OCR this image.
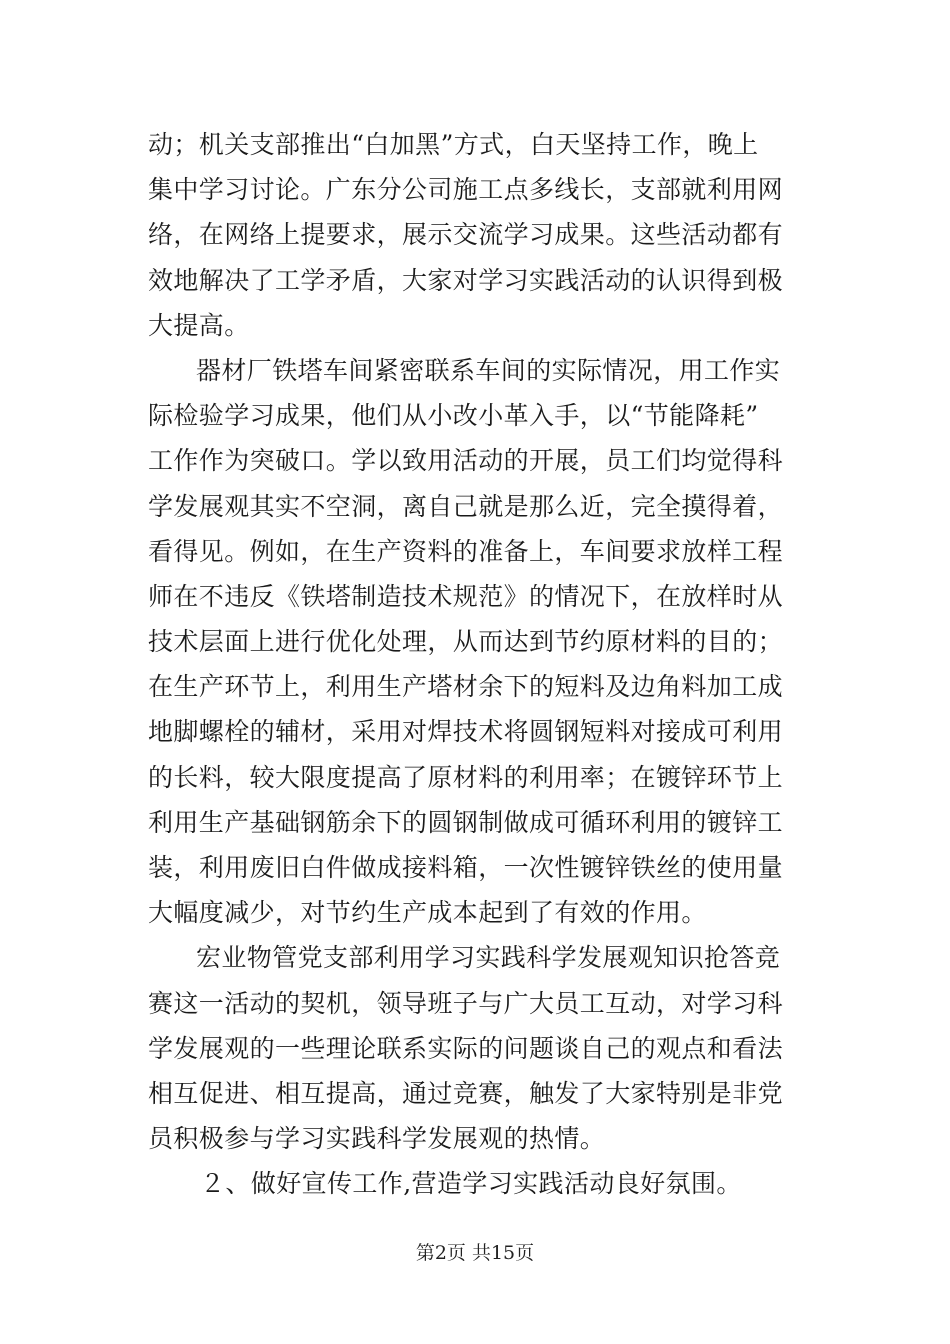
动；机关支部推出“白加黑”方式，白天坚持工作，晚上
集中学习讨论。广东分公司施工点多线长，支部就利用网
络，在网络上提要求，展示交流学习成果。这些活动都有
效地解决了工学矛盾，大家对学习实践活动的认识得到极
大提高。
器材厂铁塔车间紧密联系车间的实际情况，用工作实
际检验学习成果，他们从小改小革入手，以“节能降耗”
工作作为突破口。学以致用活动的开展，员工们均觉得科
学发展观其实不空洞，离自己就是那么近，完全摸得着，
看得见。例如，在生产资料的准备上，车间要求放样工程
师在不违反《铁塔制造技术规范》的情况下，在放样时从
技术层面上进行优化处理，从而达到节约原材料的目的；
在生产环节上，利用生产塔材余下的短料及边角料加工成
地脚螺栓的辅材，采用对焊技术将圆钢短料对接成可利用
的长料，较大限度提高了原材料的利用率；在镀锌环节上
利用生产基础钢筋余下的圆钢制做成可循环利用的镀锌工
装，利用废旧白件做成接料箱，一次性镀锌铁丝的使用量
大幅度减少，对节约生产成本起到了有效的作用。
宏业物管党支部利用学习实践科学发展观知识抢答竞
赛这一活动的契机，领导班子与广大员工互动，对学习科
学发展观的一些理论联系实际的问题谈自己的观点和看法
相互促进、相互提高，通过竞赛，触发了大家特别是非党
员积极参与学习实践科学发展观的热情。
２、做好宣传工作,营造学习实践活动良好氛围。
第2页 共15页
